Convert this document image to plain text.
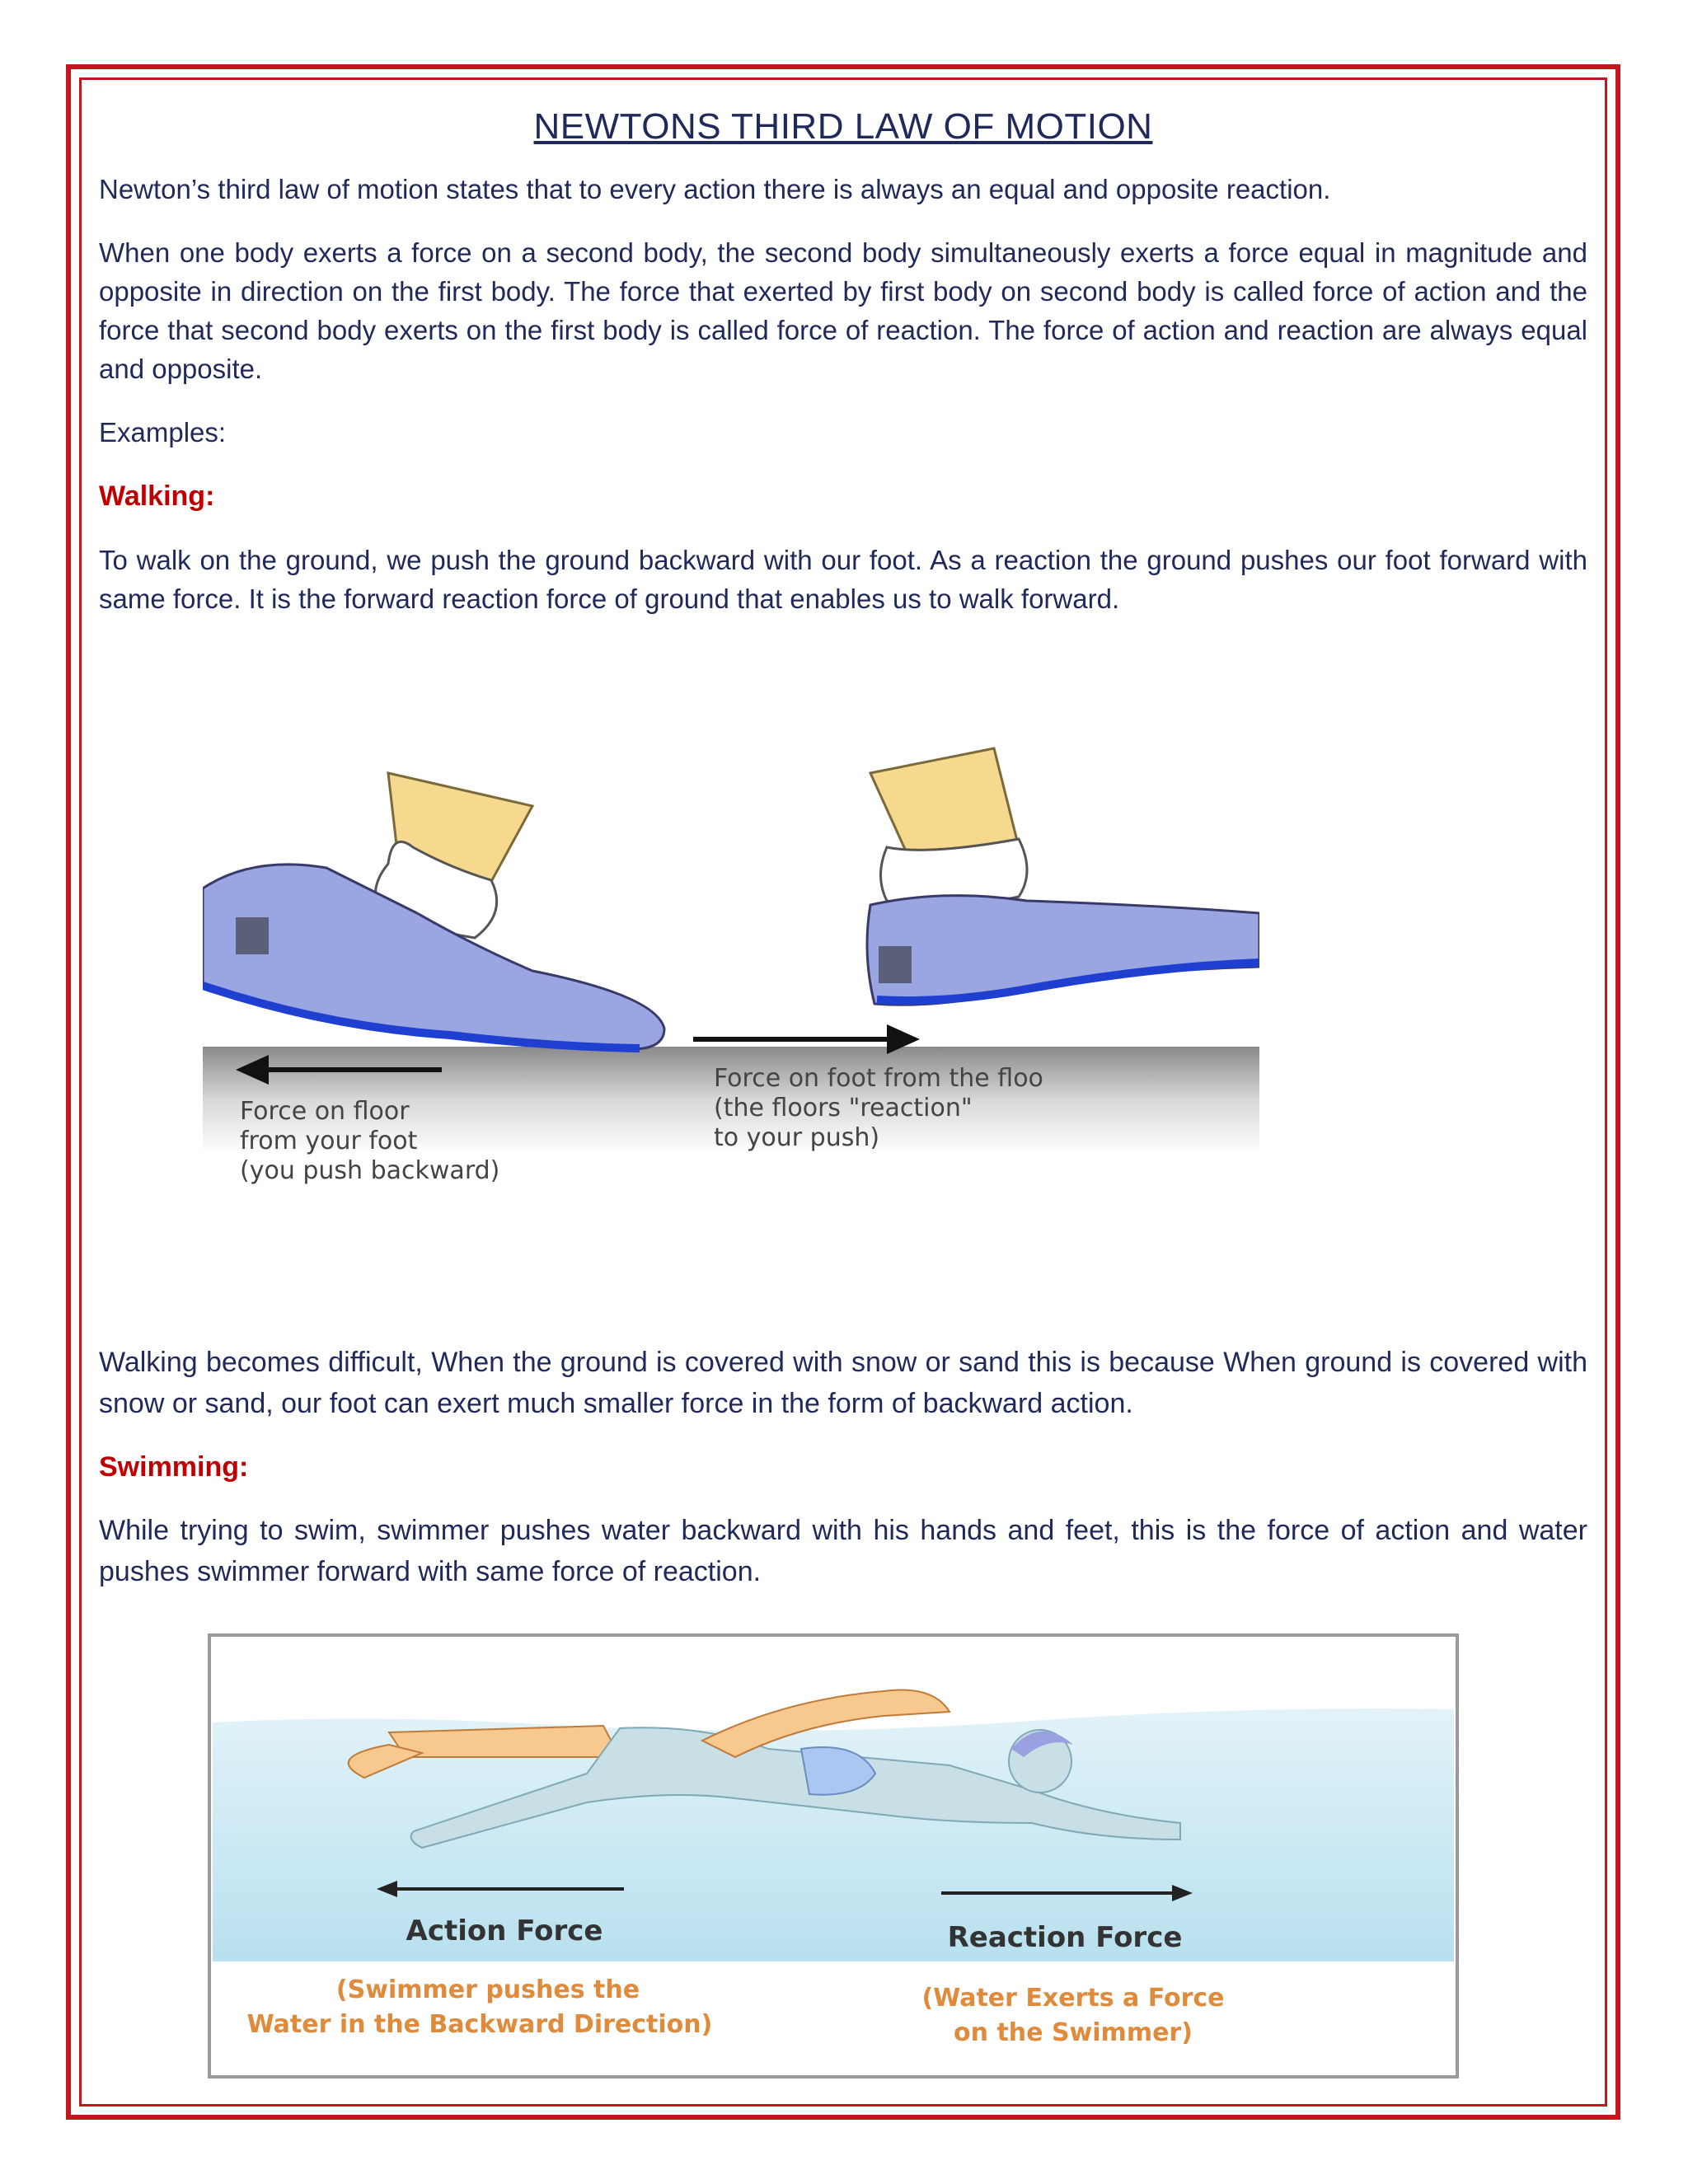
NEWTONS THIRD LAW OF MOTION

Newton’s third law of motion states that to every action there is always an equal and opposite reaction.

When one body exerts a force on a second body, the second body simultaneously exerts a force equal in magnitude and opposite in direction on the first body. The force that exerted by first body on second body is called force of action and the force that second body exerts on the first body is called force of reaction. The force of action and reaction are always equal and opposite.

Examples:

Walking:

To walk on the ground, we push the ground backward with our foot. As a reaction the ground pushes our foot forward with same force. It is the forward reaction force of ground that enables us to walk forward.

Force on floor
from your foot
(you push backward)
Force on foot from the floo
(the floors "reaction"
to your push)

Walking becomes difficult, When the ground is covered with snow or sand this is because When ground is covered with snow or sand, our foot can exert much smaller force in the form of backward action.

Swimming:

While trying to swim, swimmer pushes water backward with his hands and feet, this is the force of action and water pushes swimmer forward with same force of reaction.

Action Force	Reaction Force
(Swimmer pushes the
Water in the Backward Direction)
(Water Exerts a Force
on the Swimmer)
